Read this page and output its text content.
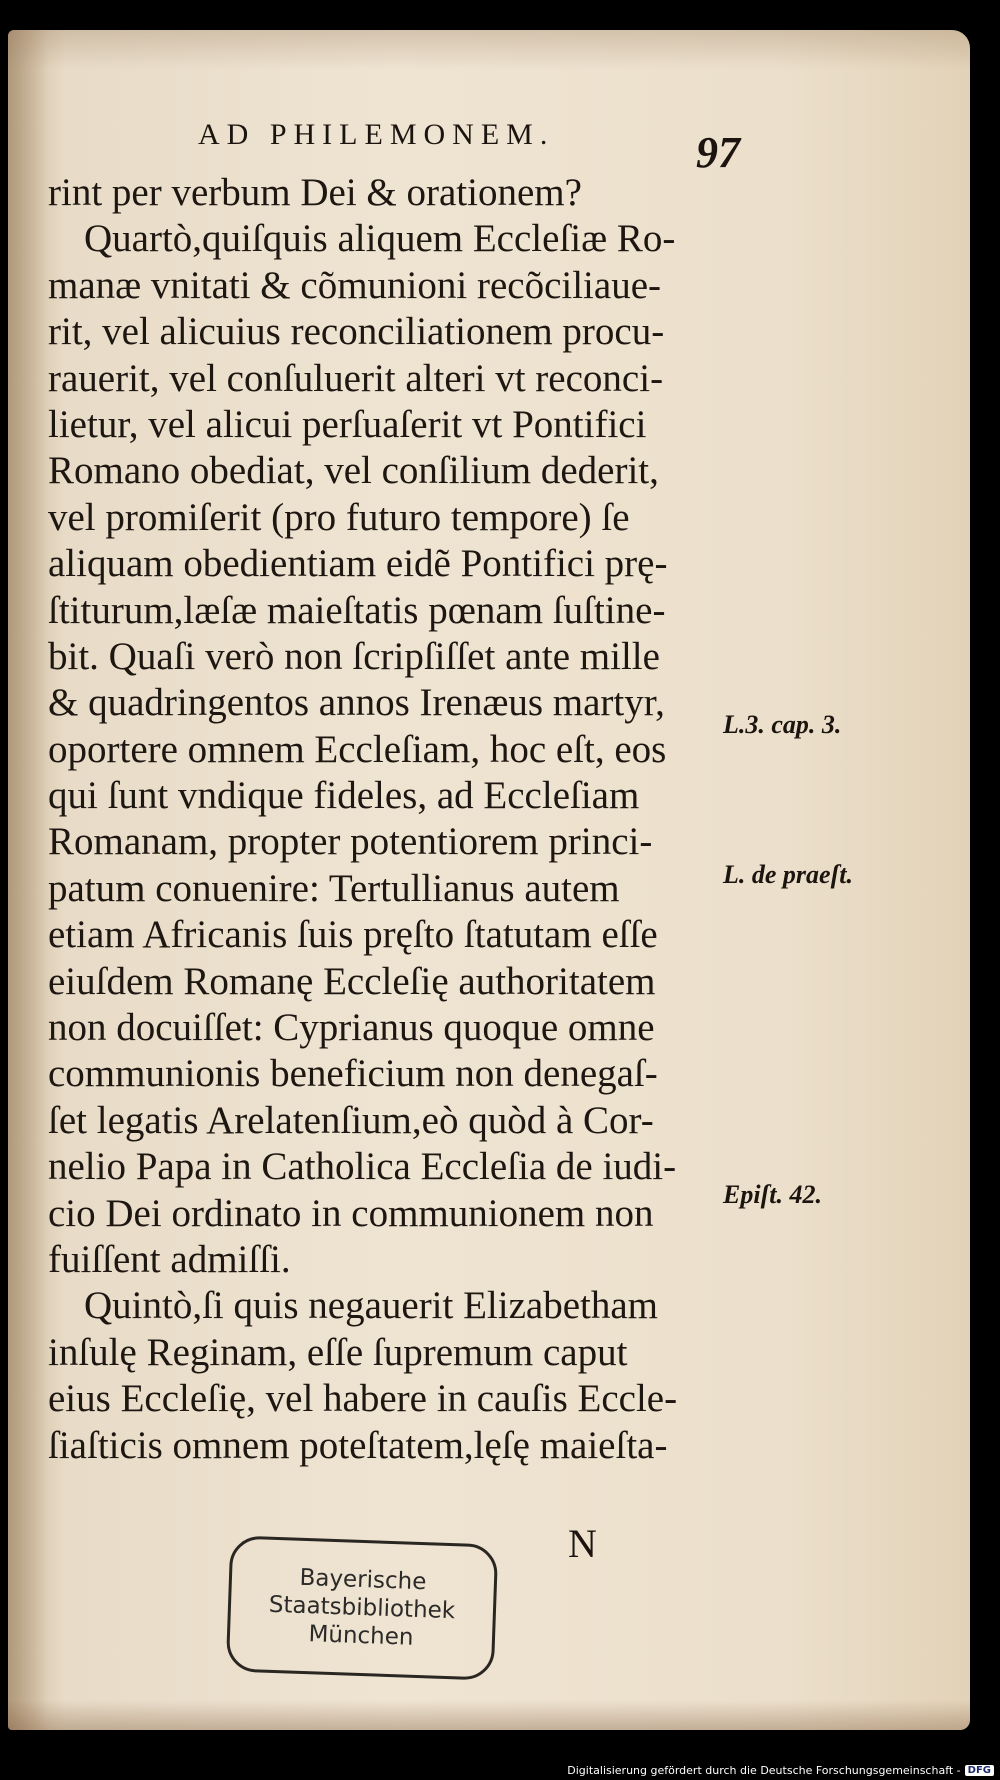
AD PHILEMONEM.	97
rint per verbum Dei & orationem?
Quartò,quiſquis aliquem Eccleſiæ Ro-
manæ vnitati & cõmunioni recõciliaue-
rit, vel alicuius reconciliationem procu-
rauerit, vel conſuluerit alteri vt reconci-
lietur, vel alicui perſuaſerit vt Pontifici
Romano obediat, vel conſilium dederit,
vel promiſerit (pro futuro tempore) ſe
aliquam obedientiam eidẽ Pontifici prę-
ſtiturum,læſæ maieſtatis pœnam ſuſtine-
bit. Quaſi verò non ſcripſiſſet ante mille
& quadringentos annos Irenæus martyr,
oportere omnem Eccleſiam, hoc eſt, eos
qui ſunt vndique fideles, ad Eccleſiam
Romanam, propter potentiorem princi-
patum conuenire: Tertullianus autem
etiam Africanis ſuis pręſto ſtatutam eſſe
eiuſdem Romanę Eccleſię authoritatem
non docuiſſet: Cyprianus quoque omne
communionis beneficium non denegaſ-
ſet legatis Arelatenſium,eò quòd à Cor-
nelio Papa in Catholica Eccleſia de iudi-
cio Dei ordinato in communionem non
fuiſſent admiſſi.
Quintò,ſi quis negauerit Elizabetham
inſulę Reginam, eſſe ſupremum caput
eius Eccleſię, vel habere in cauſis Eccle-
ſiaſticis omnem poteſtatem,lęſę maieſta-
L.3. cap. 3.
L. de praeſt.
Epiſt. 42.
N
Bayerische
Staatsbibliothek
München
Digitalisierung gefördert durch die Deutsche Forschungsgemeinschaft - DFG
